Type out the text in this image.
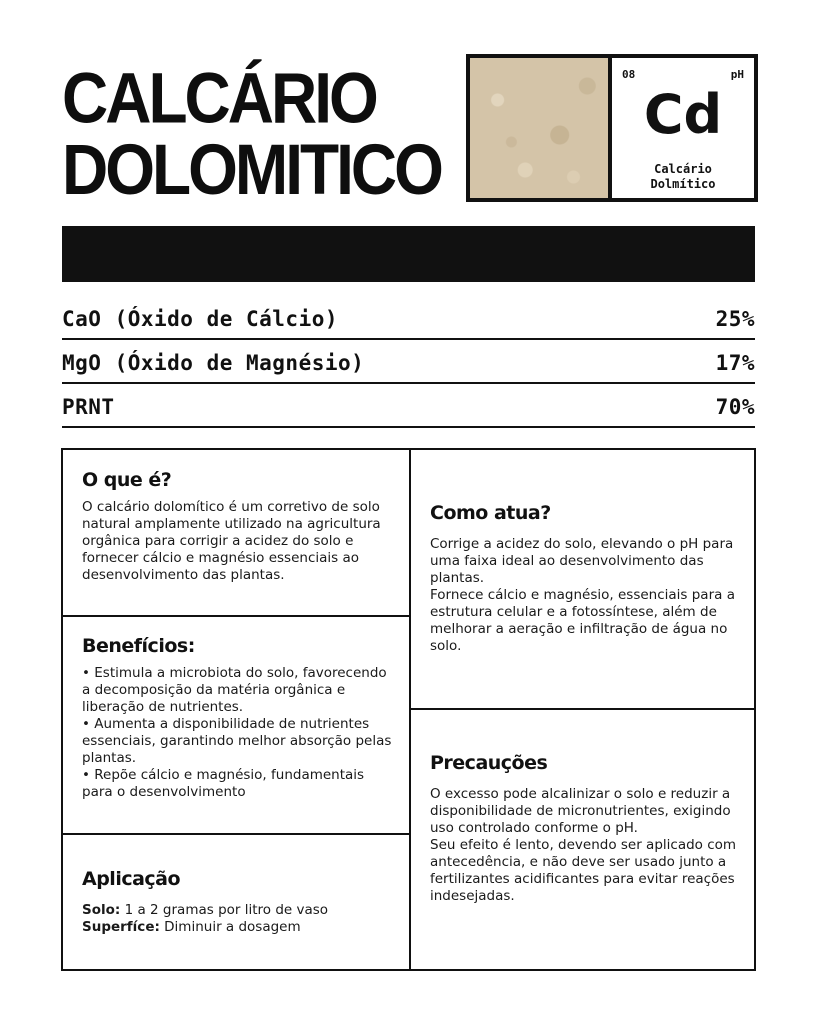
CALCÁRIO
DOLOMITICO
08	pH
Cd
Calcário
Dolmítico
CaO (Óxido de Cálcio)	25%
MgO (Óxido de Magnésio)	17%
PRNT	70%
O que é?

O calcário dolomítico é um corretivo de solo natural amplamente utilizado na agricultura orgânica para corrigir a acidez do solo e fornecer cálcio e magnésio essenciais ao desenvolvimento das plantas.

Benefícios:

• Estimula a microbiota do solo, favorecendo a decomposição da matéria orgânica e liberação de nutrientes.
• Aumenta a disponibilidade de nutrientes essenciais, garantindo melhor absorção pelas plantas.
• Repõe cálcio e magnésio, fundamentais para o desenvolvimento

Aplicação

Solo: 1 a 2 gramas por litro de vaso
Superfíce: Diminuir a dosagem

Como atua?

Corrige a acidez do solo, elevando o pH para uma faixa ideal ao desenvolvimento das plantas.
Fornece cálcio e magnésio, essenciais para a estrutura celular e a fotossíntese, além de melhorar a aeração e infiltração de água no solo.

Precauções

O excesso pode alcalinizar o solo e reduzir a disponibilidade de micronutrientes, exigindo uso controlado conforme o pH.
Seu efeito é lento, devendo ser aplicado com antecedência, e não deve ser usado junto a fertilizantes acidificantes para evitar reações indesejadas.
